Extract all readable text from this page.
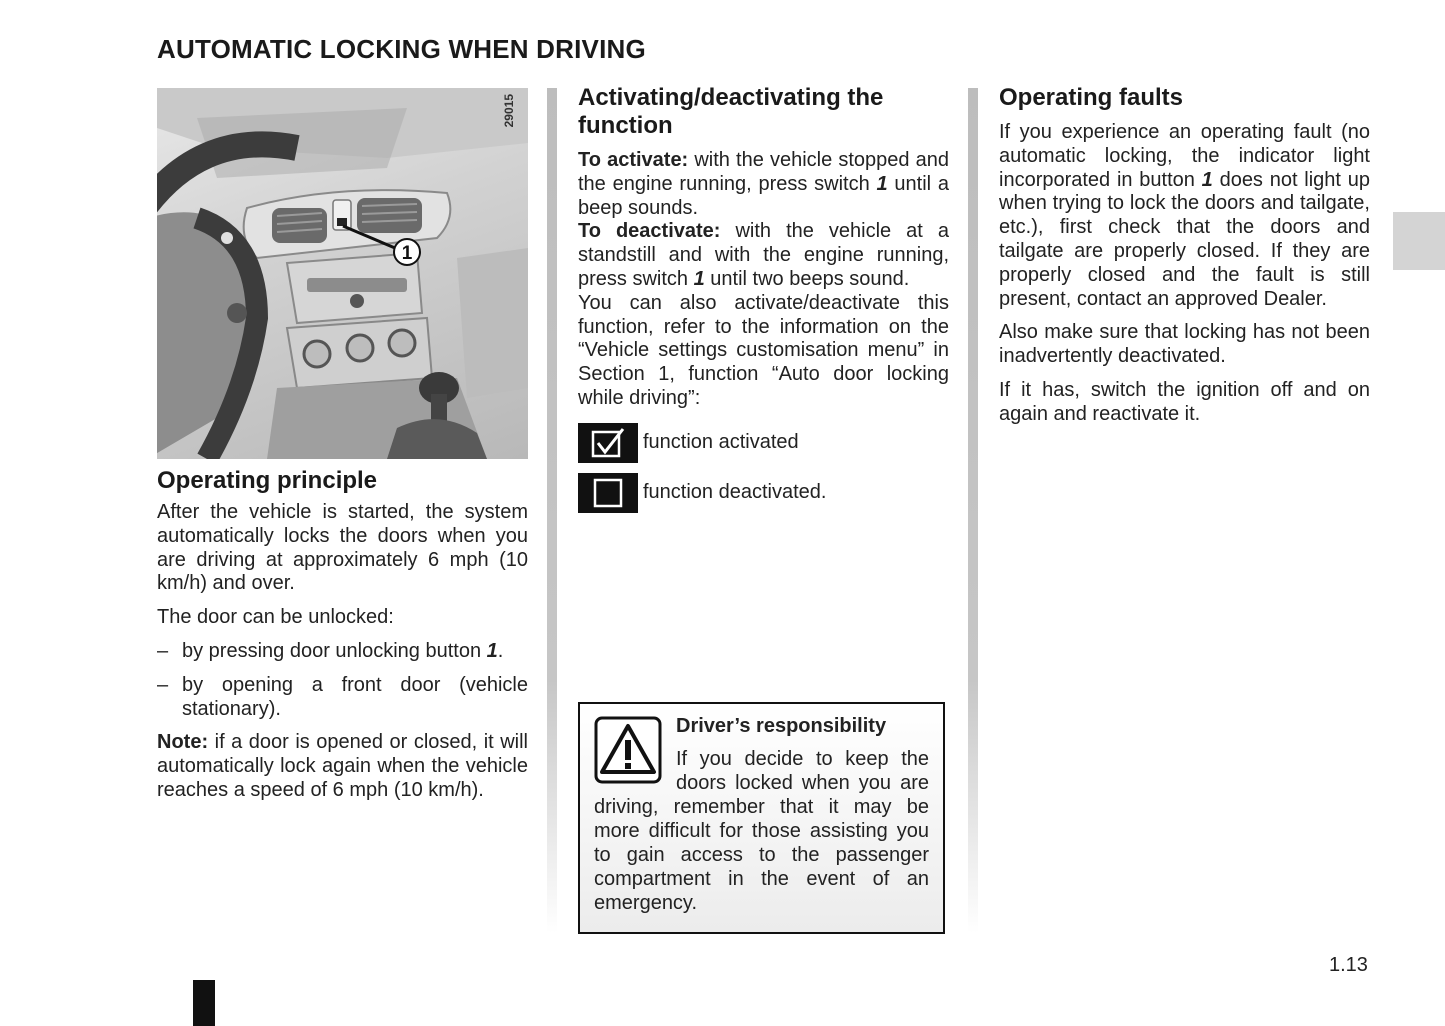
AUTOMATIC LOCKING WHEN DRIVING
1
29015
Operating principle

After the vehicle is started, the system automatically locks the doors when you are driving at approximately 6 mph (10 km/h) and over.

The door can be unlocked:

– by pressing door unlocking button 1.
– by opening a front door (vehicle stationary).

Note: if a door is opened or closed, it will automatically lock again when the vehicle reaches a speed of 6 mph (10 km/h).

Activating/deactivating the function

To activate: with the vehicle stopped and the engine running, press switch 1 until a beep sounds.

To deactivate: with the vehicle at a standstill and with the engine running, press switch 1 until two beeps sound.

You can also activate/deactivate this function, refer to the information on the “Vehicle settings customisation menu” in Section 1, function “Auto door locking while driving”:

function activated
function deactivated.
Driver’s responsibility
If you decide to keep the doors locked when you are driving, remember that it may be more difficult for those assisting you to gain access to the passenger compartment in the event of an emergency.
Operating faults

If you experience an operating fault (no automatic locking, the indicator light incorporated in button 1 does not light up when trying to lock the doors and tailgate, etc.), first check that the doors and tailgate are properly closed. If they are properly closed and the fault is still present, contact an approved Dealer.

Also make sure that locking has not been inadvertently deactivated.

If it has, switch the ignition off and on again and reactivate it.

1.13
